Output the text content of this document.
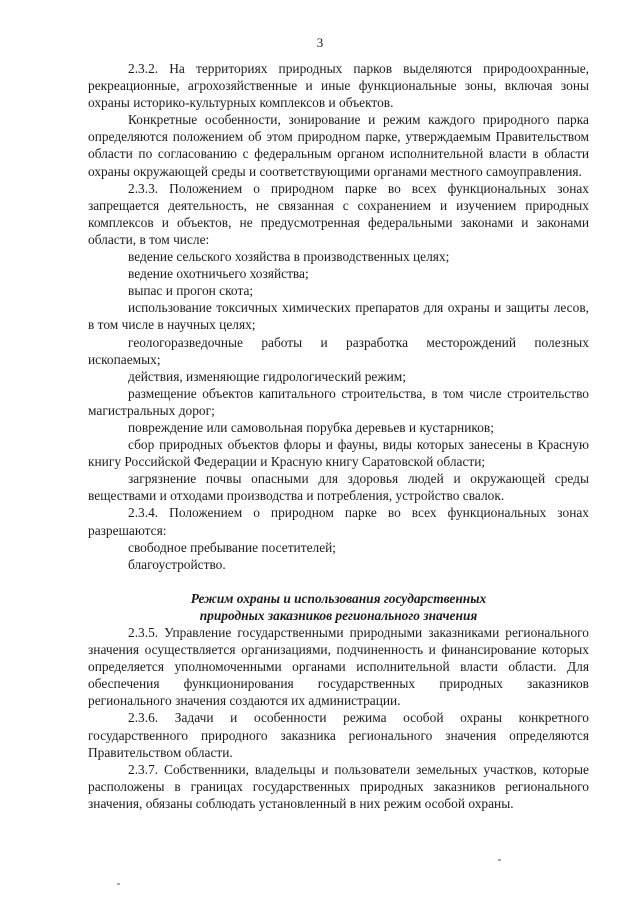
3

2.3.2. На территориях природных парков выделяются природоохранные, рекреационные, агрохозяйственные и иные функциональные зоны, включая зоны охраны историко-культурных комплексов и объектов.

Конкретные особенности, зонирование и режим каждого природного парка определяются положением об этом природном парке, утверждаемым Правительством области по согласованию с федеральным органом исполнительной власти в области охраны окружающей среды и соответствующими органами местного самоуправления.

2.3.3. Положением о природном парке во всех функциональных зонах запрещается деятельность, не связанная с сохранением и изучением природных комплексов и объектов, не предусмотренная федеральными законами и законами области, в том числе:

ведение сельского хозяйства в производственных целях;

ведение охотничьего хозяйства;

выпас и прогон скота;

использование токсичных химических препаратов для охраны и защиты лесов, в том числе в научных целях;

геологоразведочные работы и разработка месторождений полезных ископаемых;

действия, изменяющие гидрологический режим;

размещение объектов капитального строительства, в том числе строительство магистральных дорог;

повреждение или самовольная порубка деревьев и кустарников;

сбор природных объектов флоры и фауны, виды которых занесены в Красную книгу Российской Федерации и Красную книгу Саратовской области;

загрязнение почвы опасными для здоровья людей и окружающей среды веществами и отходами производства и потребления, устройство свалок.

2.3.4. Положением о природном парке во всех функциональных зонах разрешаются:

свободное пребывание посетителей;

благоустройство.

Режим охраны и использования государственных
природных заказников регионального значения

2.3.5. Управление государственными природными заказниками регионального значения осуществляется организациями, подчиненность и финансирование которых определяется уполномоченными органами исполнительной власти области. Для обеспечения функционирования государственных природных заказников регионального значения создаются их администрации.

2.3.6. Задачи и особенности режима особой охраны конкретного государственного природного заказника регионального значения определяются Правительством области.

2.3.7. Собственники, владельцы и пользователи земельных участков, которые расположены в границах государственных природных заказников регионального значения, обязаны соблюдать установленный в них режим особой охраны.
